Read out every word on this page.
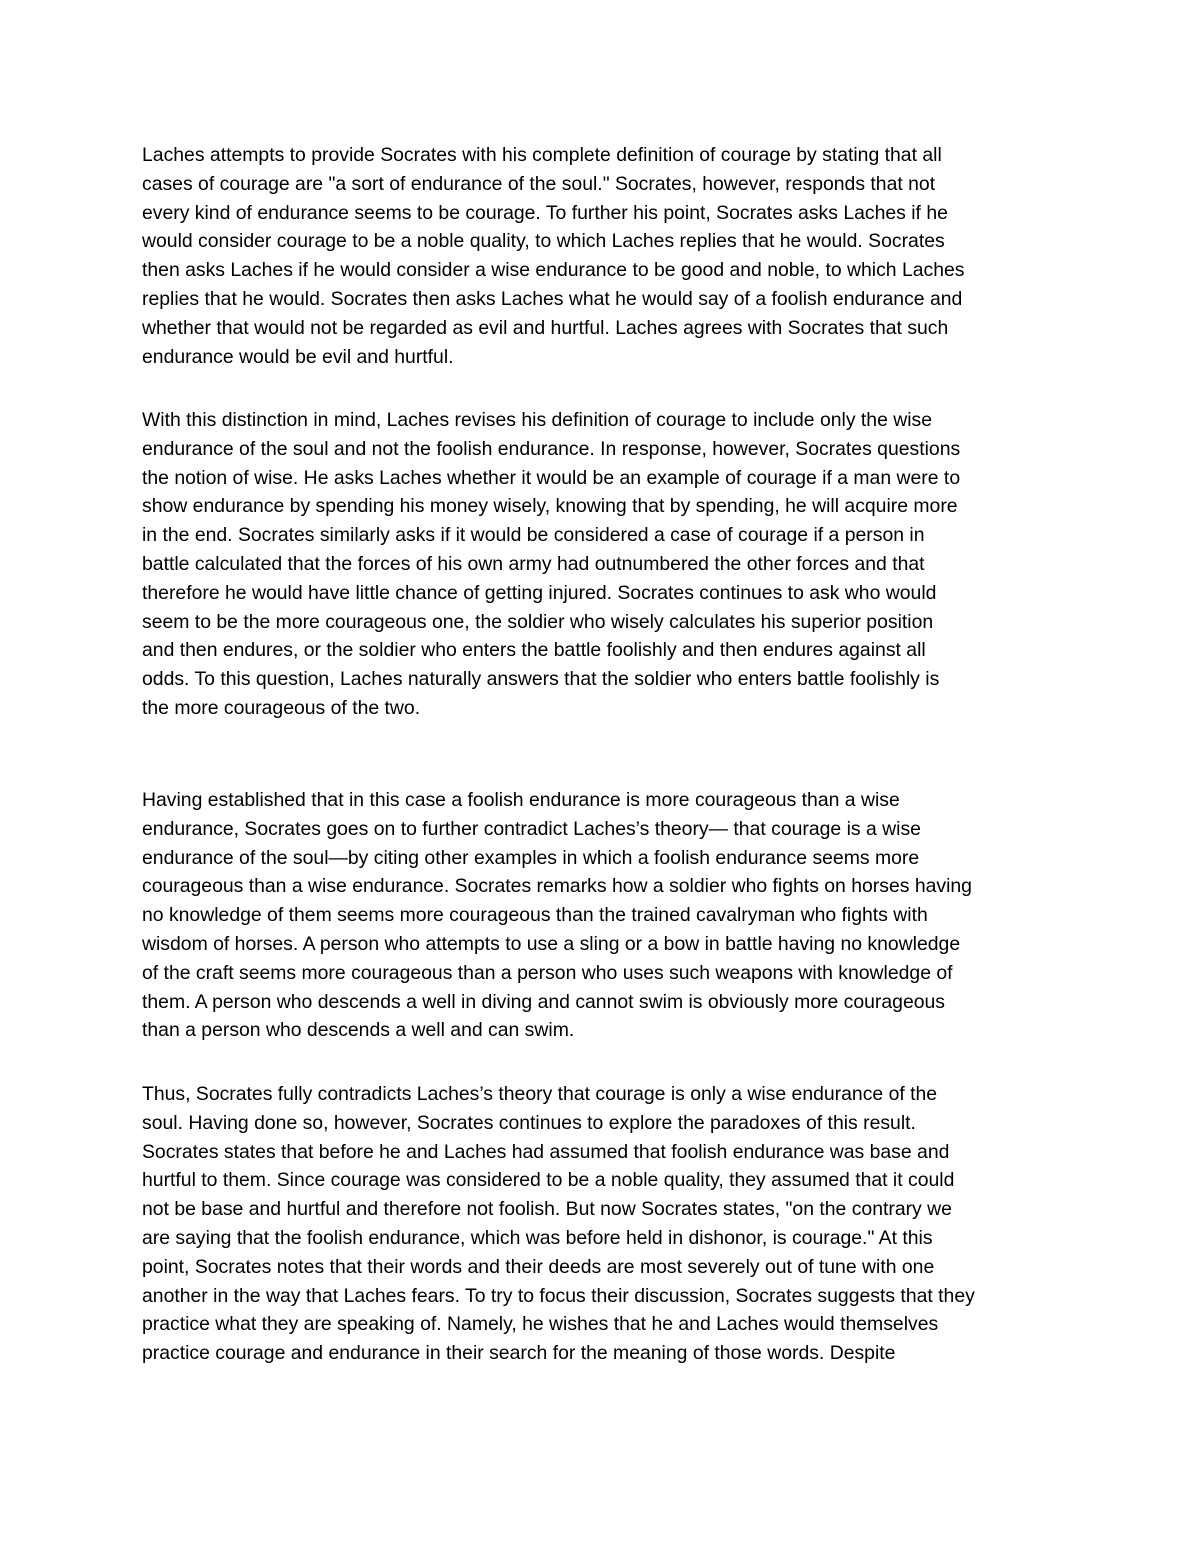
Laches attempts to provide Socrates with his complete definition of courage by stating that all
cases of courage are "a sort of endurance of the soul." Socrates, however, responds that not
every kind of endurance seems to be courage. To further his point, Socrates asks Laches if he
would consider courage to be a noble quality, to which Laches replies that he would. Socrates
then asks Laches if he would consider a wise endurance to be good and noble, to which Laches
replies that he would. Socrates then asks Laches what he would say of a foolish endurance and
whether that would not be regarded as evil and hurtful. Laches agrees with Socrates that such
endurance would be evil and hurtful.
With this distinction in mind, Laches revises his definition of courage to include only the wise
endurance of the soul and not the foolish endurance. In response, however, Socrates questions
the notion of wise. He asks Laches whether it would be an example of courage if a man were to
show endurance by spending his money wisely, knowing that by spending, he will acquire more
in the end. Socrates similarly asks if it would be considered a case of courage if a person in
battle calculated that the forces of his own army had outnumbered the other forces and that
therefore he would have little chance of getting injured. Socrates continues to ask who would
seem to be the more courageous one, the soldier who wisely calculates his superior position
and then endures, or the soldier who enters the battle foolishly and then endures against all
odds. To this question, Laches naturally answers that the soldier who enters battle foolishly is
the more courageous of the two.
Having established that in this case a foolish endurance is more courageous than a wise
endurance, Socrates goes on to further contradict Laches’s theory— that courage is a wise
endurance of the soul—by citing other examples in which a foolish endurance seems more
courageous than a wise endurance. Socrates remarks how a soldier who fights on horses having
no knowledge of them seems more courageous than the trained cavalryman who fights with
wisdom of horses. A person who attempts to use a sling or a bow in battle having no knowledge
of the craft seems more courageous than a person who uses such weapons with knowledge of
them. A person who descends a well in diving and cannot swim is obviously more courageous
than a person who descends a well and can swim.
Thus, Socrates fully contradicts Laches’s theory that courage is only a wise endurance of the
soul. Having done so, however, Socrates continues to explore the paradoxes of this result.
Socrates states that before he and Laches had assumed that foolish endurance was base and
hurtful to them. Since courage was considered to be a noble quality, they assumed that it could
not be base and hurtful and therefore not foolish. But now Socrates states, "on the contrary we
are saying that the foolish endurance, which was before held in dishonor, is courage." At this
point, Socrates notes that their words and their deeds are most severely out of tune with one
another in the way that Laches fears. To try to focus their discussion, Socrates suggests that they
practice what they are speaking of. Namely, he wishes that he and Laches would themselves
practice courage and endurance in their search for the meaning of those words. Despite
